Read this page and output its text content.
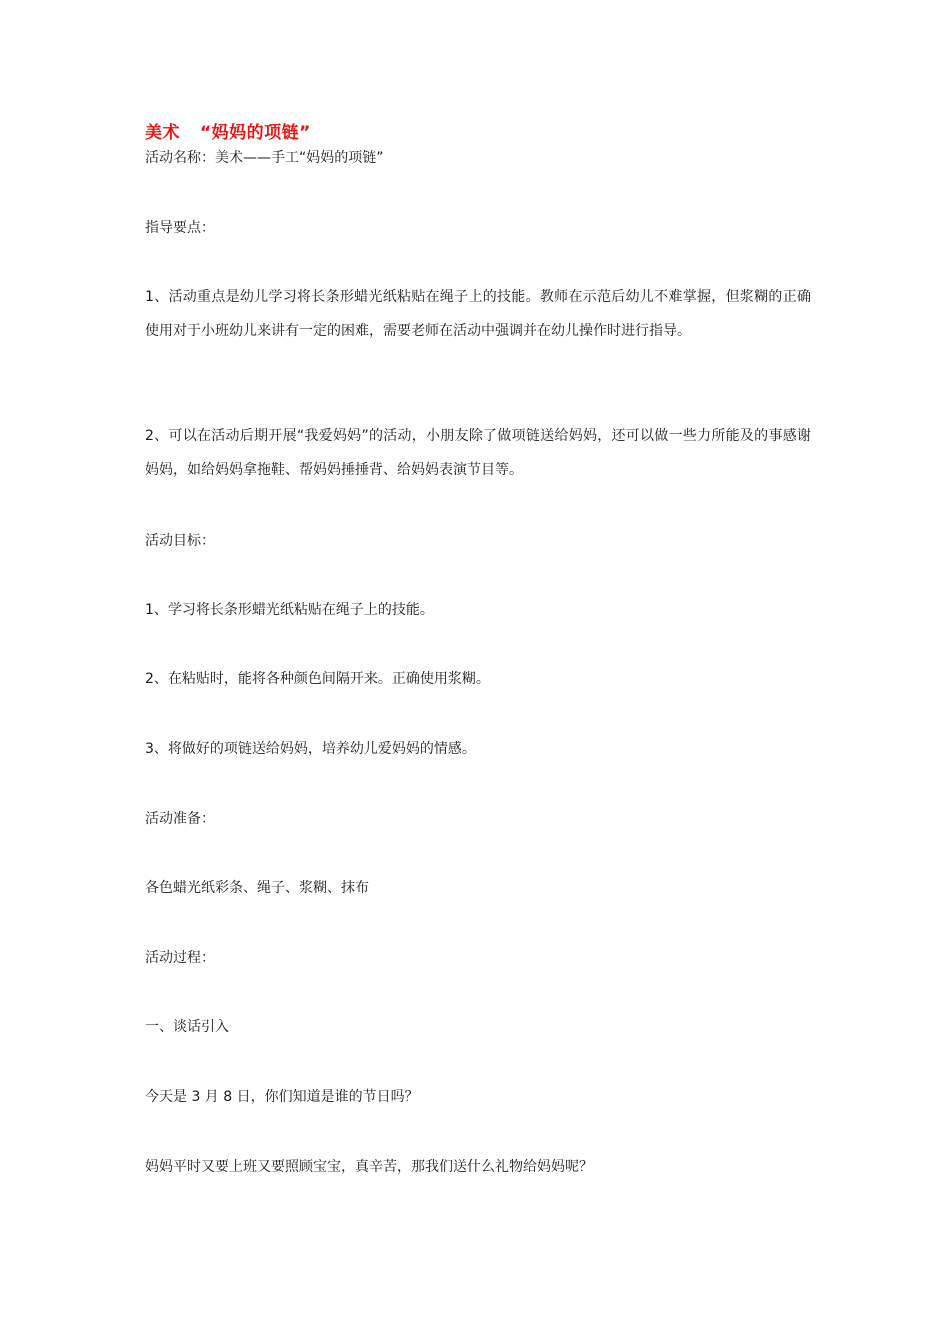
美术 “妈妈的项链”
活动名称：美术——手工“妈妈的项链”
指导要点：
1、活动重点是幼儿学习将长条形蜡光纸粘贴在绳子上的技能。教师在示范后幼儿不难掌握，但浆糊的正确使用对于小班幼儿来讲有一定的困难，需要老师在活动中强调并在幼儿操作时进行指导。
2、可以在活动后期开展“我爱妈妈”的活动，小朋友除了做项链送给妈妈，还可以做一些力所能及的事感谢妈妈，如给妈妈拿拖鞋、帮妈妈捶捶背、给妈妈表演节目等。
活动目标：
1、学习将长条形蜡光纸粘贴在绳子上的技能。
2、在粘贴时，能将各种颜色间隔开来。正确使用浆糊。
3、将做好的项链送给妈妈，培养幼儿爱妈妈的情感。
活动准备：
各色蜡光纸彩条、绳子、浆糊、抹布
活动过程：
一、谈话引入
今天是 3 月 8 日，你们知道是谁的节日吗？
妈妈平时又要上班又要照顾宝宝，真辛苦，那我们送什么礼物给妈妈呢？
